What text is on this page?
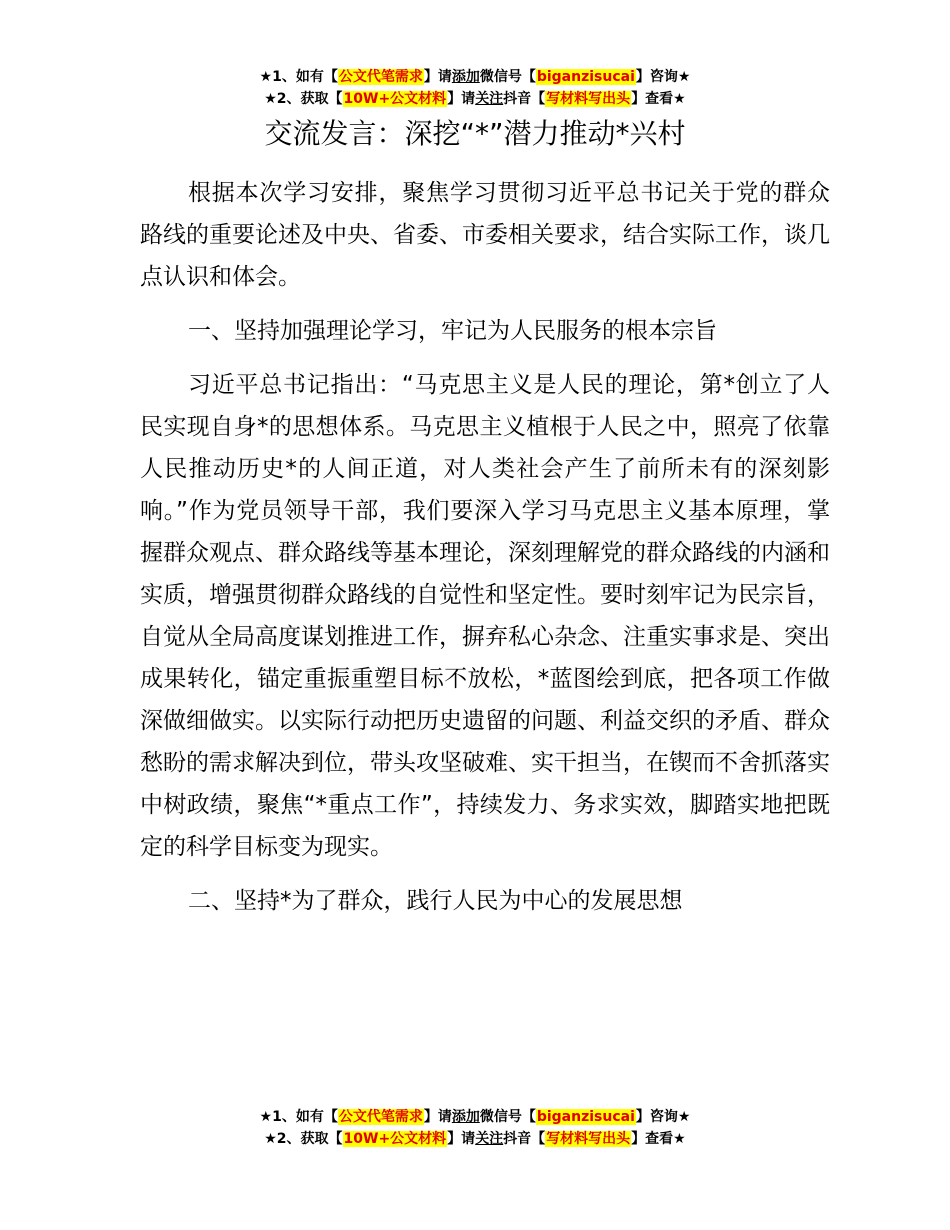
★1、如有【公文代笔需求】请添加微信号【biganzisucai】咨询★
★2、获取【10W+公文材料】请关注抖音【写材料写出头】查看★
交流发言：深挖“*”潜力推动*兴村

根据本次学习安排，聚焦学习贯彻习近平总书记关于党的群众路线的重要论述及中央、省委、市委相关要求，结合实际工作，谈几点认识和体会。

一、坚持加强理论学习，牢记为人民服务的根本宗旨

习近平总书记指出：“马克思主义是人民的理论，第*创立了人民实现自身*的思想体系。马克思主义植根于人民之中，照亮了依靠人民推动历史*的人间正道，对人类社会产生了前所未有的深刻影响。”作为党员领导干部，我们要深入学习马克思主义基本原理，掌握群众观点、群众路线等基本理论，深刻理解党的群众路线的内涵和实质，增强贯彻群众路线的自觉性和坚定性。要时刻牢记为民宗旨，自觉从全局高度谋划推进工作，摒弃私心杂念、注重实事求是、突出成果转化，锚定重振重塑目标不放松，*蓝图绘到底，把各项工作做深做细做实。以实际行动把历史遗留的问题、利益交织的矛盾、群众愁盼的需求解决到位，带头攻坚破难、实干担当，在锲而不舍抓落实中树政绩，聚焦“*重点工作”，持续发力、务求实效，脚踏实地把既定的科学目标变为现实。

二、坚持*为了群众，践行人民为中心的发展思想

★1、如有【公文代笔需求】请添加微信号【biganzisucai】咨询★
★2、获取【10W+公文材料】请关注抖音【写材料写出头】查看★
